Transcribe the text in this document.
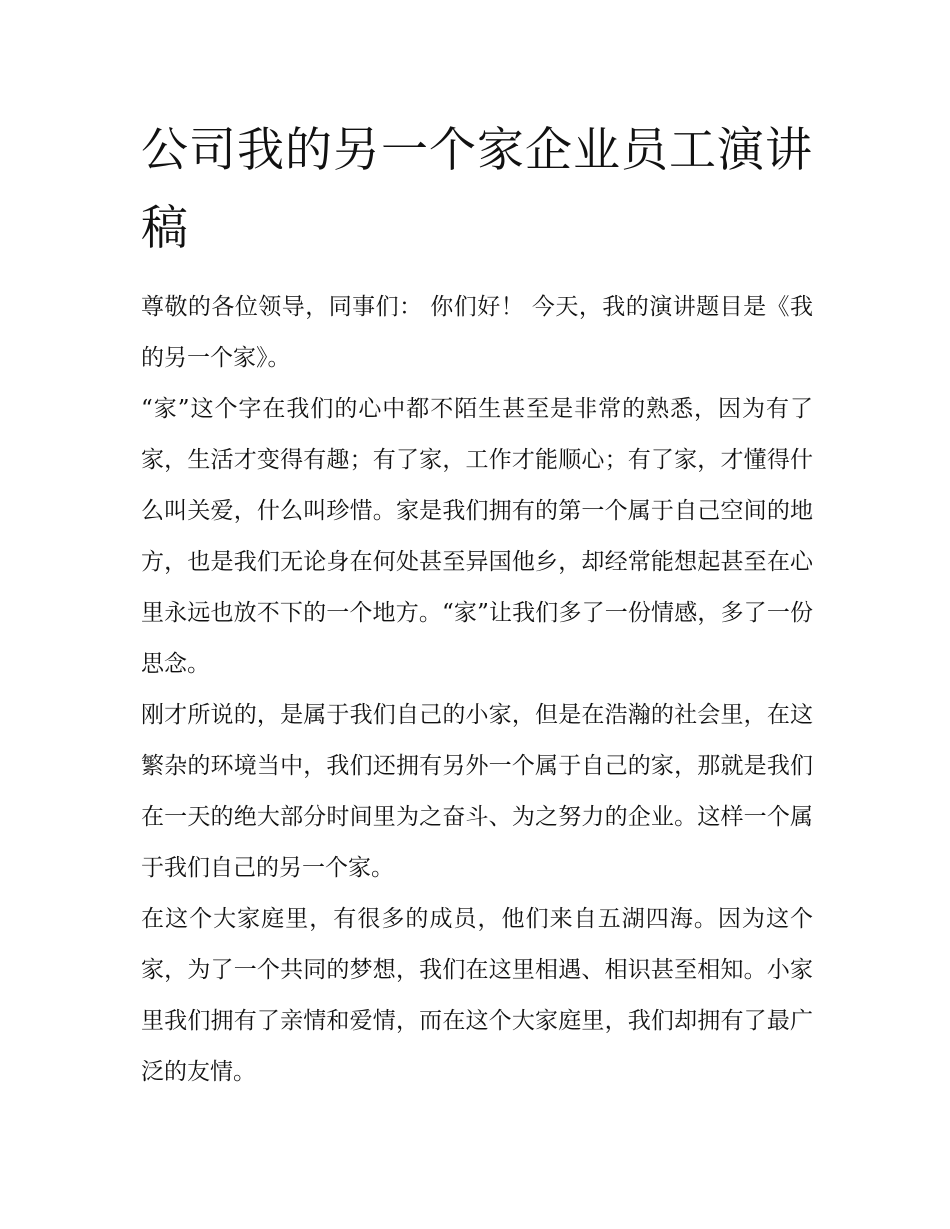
公司我的另一个家企业员工演讲稿

尊敬的各位领导，同事们： 你们好！ 今天，我的演讲题目是《我的另一个家》。

“家”这个字在我们的心中都不陌生甚至是非常的熟悉，因为有了家，生活才变得有趣；有了家，工作才能顺心；有了家，才懂得什么叫关爱，什么叫珍惜。家是我们拥有的第一个属于自己空间的地方，也是我们无论身在何处甚至异国他乡，却经常能想起甚至在心里永远也放不下的一个地方。“家”让我们多了一份情感，多了一份思念。

刚才所说的，是属于我们自己的小家，但是在浩瀚的社会里，在这繁杂的环境当中，我们还拥有另外一个属于自己的家，那就是我们在一天的绝大部分时间里为之奋斗、为之努力的企业。这样一个属于我们自己的另一个家。

在这个大家庭里，有很多的成员，他们来自五湖四海。因为这个家，为了一个共同的梦想，我们在这里相遇、相识甚至相知。小家里我们拥有了亲情和爱情，而在这个大家庭里，我们却拥有了最广泛的友情。
